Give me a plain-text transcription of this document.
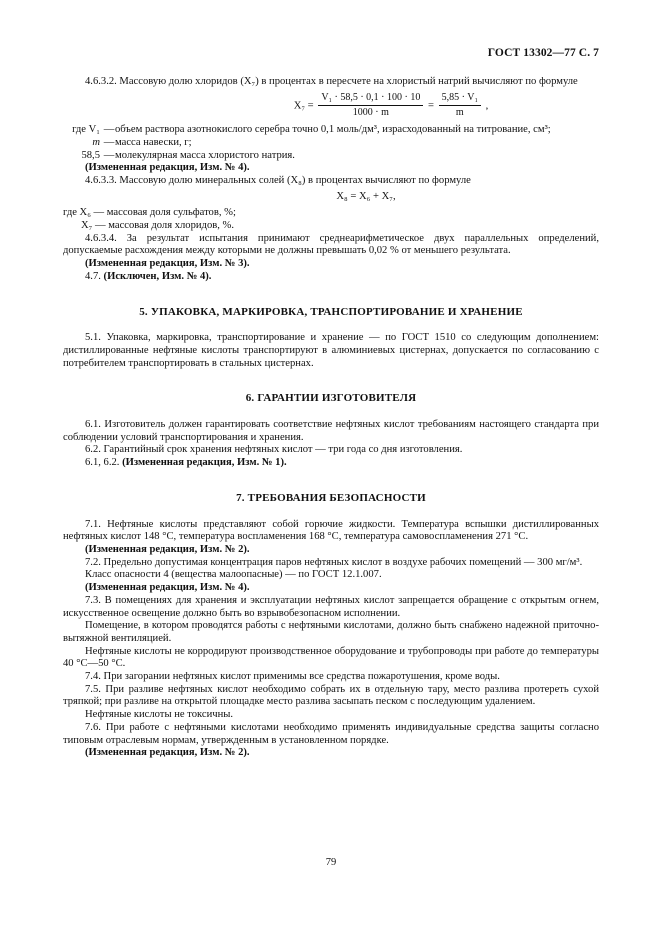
ГОСТ 13302—77 С. 7

4.6.3.2. Массовую долю хлоридов (X₇) в процентах в пересчете на хлористый натрий вычисляют по формуле

$X_7 = \frac{\text{V₁ · 58,5 · 0,1 · 100 · 10}}{1000 \cdot m} = \frac{\text{5,85 · V₁}}{m}$ ,
где V₁ — объем раствора азотнокислого серебра точно 0,1 моль/дм³, израсходованный на титрование, см³;
m — масса навески, г;
58,5 — молекулярная масса хлористого натрия.

(Измененная редакция, Изм. № 4).

4.6.3.3. Массовую долю минеральных солей (X₈) в процентах вычисляют по формуле

X₈ = X₆ + X₇,

где X₆ — массовая доля сульфатов, %;

X₇ — массовая доля хлоридов, %.

4.6.3.4. За результат испытания принимают среднеарифметическое двух параллельных определений, допускаемые расхождения между которыми не должны превышать 0,02 % от меньшего результата.

(Измененная редакция, Изм. № 3).

4.7. (Исключен, Изм. № 4).

5. УПАКОВКА, МАРКИРОВКА, ТРАНСПОРТИРОВАНИЕ И ХРАНЕНИЕ

5.1. Упаковка, маркировка, транспортирование и хранение — по ГОСТ 1510 со следующим дополнением: дистиллированные нефтяные кислоты транспортируют в алюминиевых цистернах, допускается по согласованию с потребителем транспортировать в стальных цистернах.

6. ГАРАНТИИ ИЗГОТОВИТЕЛЯ

6.1. Изготовитель должен гарантировать соответствие нефтяных кислот требованиям настоящего стандарта при соблюдении условий транспортирования и хранения.

6.2. Гарантийный срок хранения нефтяных кислот — три года со дня изготовления.

6.1, 6.2. (Измененная редакция, Изм. № 1).

7. ТРЕБОВАНИЯ БЕЗОПАСНОСТИ

7.1. Нефтяные кислоты представляют собой горючие жидкости. Температура вспышки дистиллированных нефтяных кислот 148 °С, температура воспламенения 168 °С, температура самовоспламенения 271 °С.

(Измененная редакция, Изм. № 2).

7.2. Предельно допустимая концентрация паров нефтяных кислот в воздухе рабочих помещений — 300 мг/м³.

Класс опасности 4 (вещества малоопасные) — по ГОСТ 12.1.007.

(Измененная редакция, Изм. № 4).

7.3. В помещениях для хранения и эксплуатации нефтяных кислот запрещается обращение с открытым огнем, искусственное освещение должно быть во взрывобезопасном исполнении.

Помещение, в котором проводятся работы с нефтяными кислотами, должно быть снабжено надежной приточно-вытяжной вентиляцией.

Нефтяные кислоты не корродируют производственное оборудование и трубопроводы при работе до температуры 40 °С—50 °С.

7.4. При загорании нефтяных кислот применимы все средства пожаротушения, кроме воды.

7.5. При разливе нефтяных кислот необходимо собрать их в отдельную тару, место разлива протереть сухой тряпкой; при разливе на открытой площадке место разлива засыпать песком с последующим удалением.

Нефтяные кислоты не токсичны.

7.6. При работе с нефтяными кислотами необходимо применять индивидуальные средства защиты согласно типовым отраслевым нормам, утвержденным в установленном порядке.

(Измененная редакция, Изм. № 2).

79
